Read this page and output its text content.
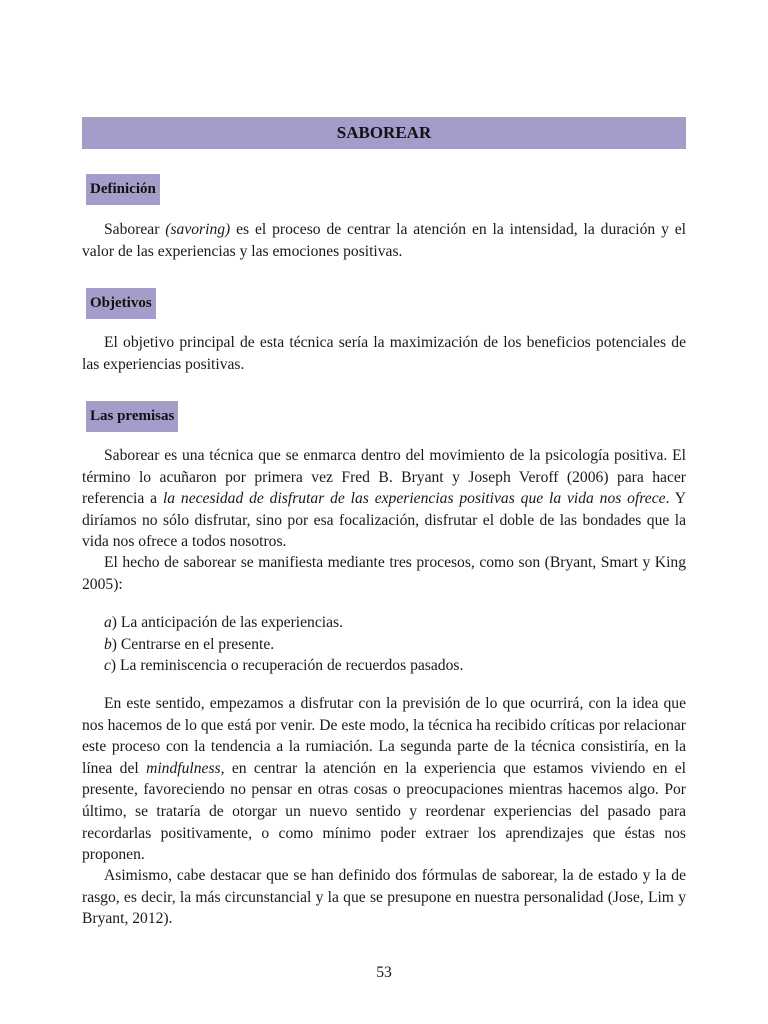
SABOREAR
Definición

Saborear (savoring) es el proceso de centrar la atención en la intensidad, la duración y el valor de las experiencias y las emociones positivas.

Objetivos

El objetivo principal de esta técnica sería la maximización de los beneficios potenciales de las experiencias positivas.

Las premisas

Saborear es una técnica que se enmarca dentro del movimiento de la psicología positiva. El término lo acuñaron por primera vez Fred B. Bryant y Joseph Veroff (2006) para hacer referencia a la necesidad de disfrutar de las experiencias positivas que la vida nos ofrece. Y diríamos no sólo disfrutar, sino por esa focalización, disfrutar el doble de las bondades que la vida nos ofrece a todos nosotros.

El hecho de saborear se manifiesta mediante tres procesos, como son (Bryant, Smart y King 2005):

a) La anticipación de las experiencias.
b) Centrarse en el presente.
c) La reminiscencia o recuperación de recuerdos pasados.

En este sentido, empezamos a disfrutar con la previsión de lo que ocurrirá, con la idea que nos hacemos de lo que está por venir. De este modo, la técnica ha recibido críticas por relacionar este proceso con la tendencia a la rumiación. La segunda parte de la técnica consistiría, en la línea del mindfulness, en centrar la atención en la experiencia que estamos viviendo en el presente, favoreciendo no pensar en otras cosas o preocupaciones mientras hacemos algo. Por último, se trataría de otorgar un nuevo sentido y reordenar experiencias del pasado para recordarlas positivamente, o como mínimo poder extraer los aprendizajes que éstas nos proponen.

Asimismo, cabe destacar que se han definido dos fórmulas de saborear, la de estado y la de rasgo, es decir, la más circunstancial y la que se presupone en nuestra personalidad (Jose, Lim y Bryant, 2012).

53
